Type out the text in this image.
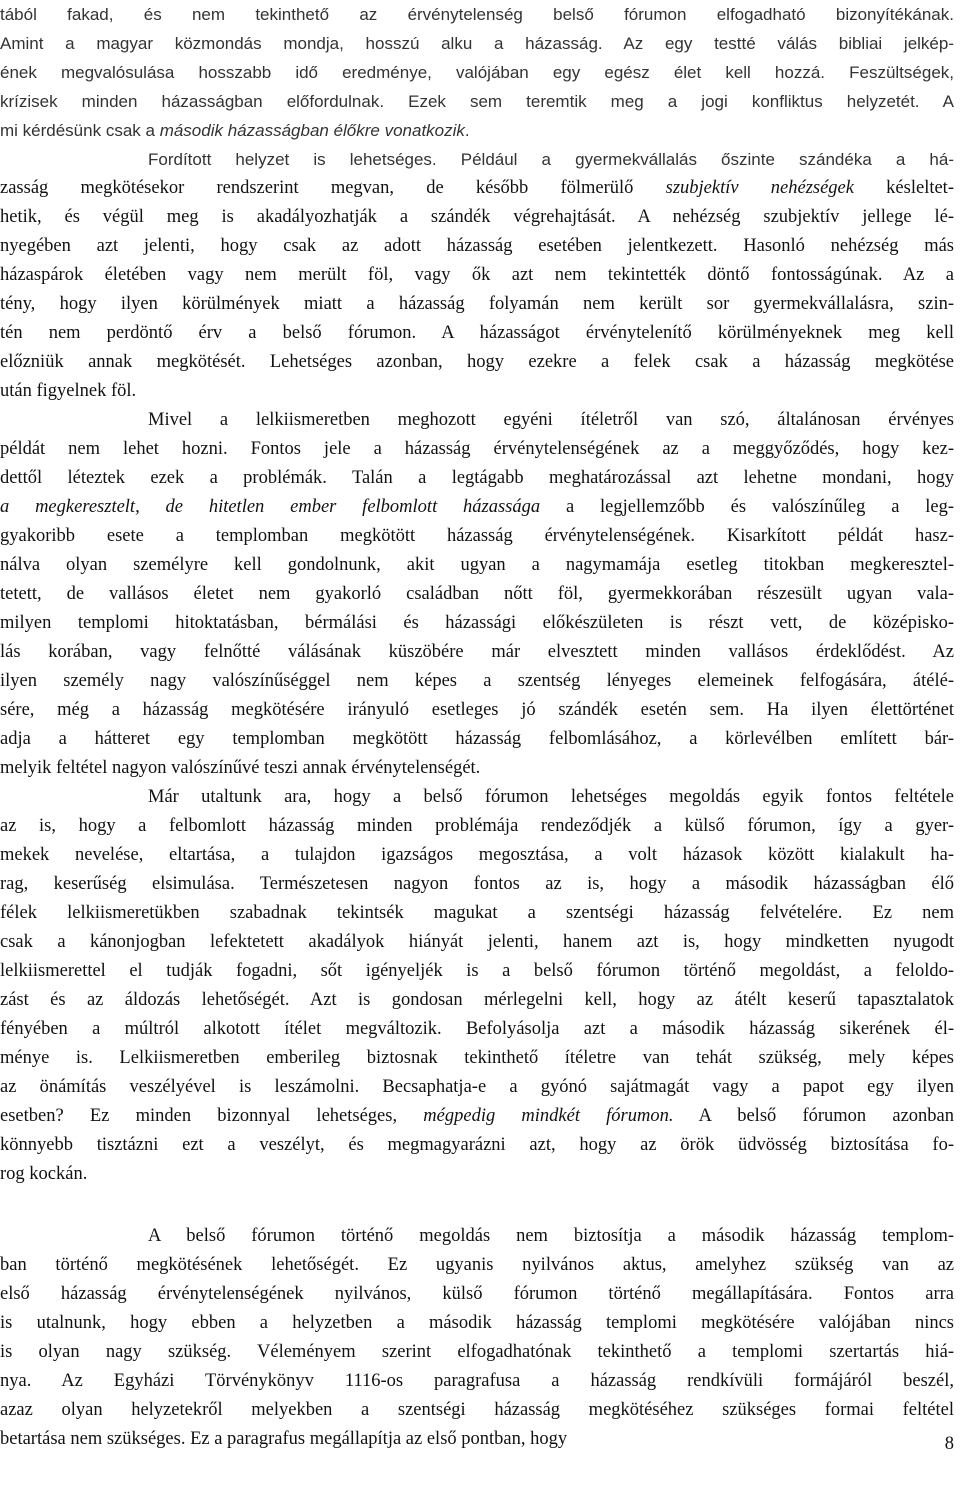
tából fakad, és nem tekinthető az érvénytelenség belső fórumon elfogadható bizonyítékának.
Amint a magyar közmondás mondja, hosszú alku a házasság. Az egy testté válás bibliai jelkép-
ének megvalósulása hosszabb idő eredménye, valójában egy egész élet kell hozzá. Feszültségek,
krízisek minden házasságban előfordulnak. Ezek sem teremtik meg a jogi konfliktus helyzetét. A
mi kérdésünk csak a második házasságban élőkre vonatkozik.
Fordított helyzet is lehetséges. Például a gyermekvállalás őszinte szándéka a há-
zasság megkötésekor rendszerint megvan, de később fölmerülő szubjektív nehézségek késleltet-
hetik, és végül meg is akadályozhatják a szándék végrehajtását. A nehézség szubjektív jellege lé-
nyegében azt jelenti, hogy csak az adott házasság esetében jelentkezett. Hasonló nehézség más
házaspárok életében vagy nem merült föl, vagy ők azt nem tekintették döntő fontosságúnak. Az a
tény, hogy ilyen körülmények miatt a házasság folyamán nem került sor gyermekvállalásra, szin-
tén nem perdöntő érv a belső fórumon. A házasságot érvénytelenítő körülményeknek meg kell
előzniük annak megkötését. Lehetséges azonban, hogy ezekre a felek csak a házasság megkötése
után figyelnek föl.
Mivel a lelkiismeretben meghozott egyéni ítéletről van szó, általánosan érvényes
példát nem lehet hozni. Fontos jele a házasság érvénytelenségének az a meggyőződés, hogy kez-
dettől léteztek ezek a problémák. Talán a legtágabb meghatározással azt lehetne mondani, hogy
a megkeresztelt, de hitetlen ember felbomlott házassága a legjellemzőbb és valószínűleg a leg-
gyakoribb esete a templomban megkötött házasság érvénytelenségének. Kisarkított példát hasz-
nálva olyan személyre kell gondolnunk, akit ugyan a nagymamája esetleg titokban megkeresztel-
tetett, de vallásos életet nem gyakorló családban nőtt föl, gyermekkorában részesült ugyan vala-
milyen templomi hitoktatásban, bérmálási és házassági előkészületen is részt vett, de középisko-
lás korában, vagy felnőtté válásának küszöbére már elvesztett minden vallásos érdeklődést. Az
ilyen személy nagy valószínűséggel nem képes a szentség lényeges elemeinek felfogására, átélé-
sére, még a házasság megkötésére irányuló esetleges jó szándék esetén sem. Ha ilyen élettörténet
adja a hátteret egy templomban megkötött házasság felbomlásához, a körlevélben említett bár-
melyik feltétel nagyon valószínűvé teszi annak érvénytelenségét.
Már utaltunk ara, hogy a belső fórumon lehetséges megoldás egyik fontos feltétele
az is, hogy a felbomlott házasság minden problémája rendeződjék a külső fórumon, így a gyer-
mekek nevelése, eltartása, a tulajdon igazságos megosztása, a volt házasok között kialakult ha-
rag, keserűség elsimulása. Természetesen nagyon fontos az is, hogy a második házasságban élő
félek lelkiismeretükben szabadnak tekintsék magukat a szentségi házasság felvételére. Ez nem
csak a kánonjogban lefektetett akadályok hiányát jelenti, hanem azt is, hogy mindketten nyugodt
lelkiismerettel el tudják fogadni, sőt igényeljék is a belső fórumon történő megoldást, a feloldo-
zást és az áldozás lehetőségét. Azt is gondosan mérlegelni kell, hogy az átélt keserű tapasztalatok
fényében a múltról alkotott ítélet megváltozik. Befolyásolja azt a második házasság sikerének él-
ménye is. Lelkiismeretben emberileg biztosnak tekinthető ítéletre van tehát szükség, mely képes
az önámítás veszélyével is leszámolni. Becsaphatja-e a gyónó sajátmagát vagy a papot egy ilyen
esetben? Ez minden bizonnyal lehetséges, mégpedig mindkét fórumon. A belső fórumon azonban
könnyebb tisztázni ezt a veszélyt, és megmagyarázni azt, hogy az örök üdvösség biztosítása fo-
rog kockán.
A belső fórumon történő megoldás nem biztosítja a második házasság templom-
ban történő megkötésének lehetőségét. Ez ugyanis nyilvános aktus, amelyhez szükség van az
első házasság érvénytelenségének nyilvános, külső fórumon történő megállapítására. Fontos arra
is utalnunk, hogy ebben a helyzetben a második házasság templomi megkötésére valójában nincs
is olyan nagy szükség. Véleményem szerint elfogadhatónak tekinthető a templomi szertartás hiá-
nya. Az Egyházi Törvénykönyv 1116-os paragrafusa a házasság rendkívüli formájáról beszél,
azaz olyan helyzetekről melyekben a szentségi házasság megkötéséhez szükséges formai feltétel
betartása nem szükséges. Ez a paragrafus megállapítja az első pontban, hogy	8
